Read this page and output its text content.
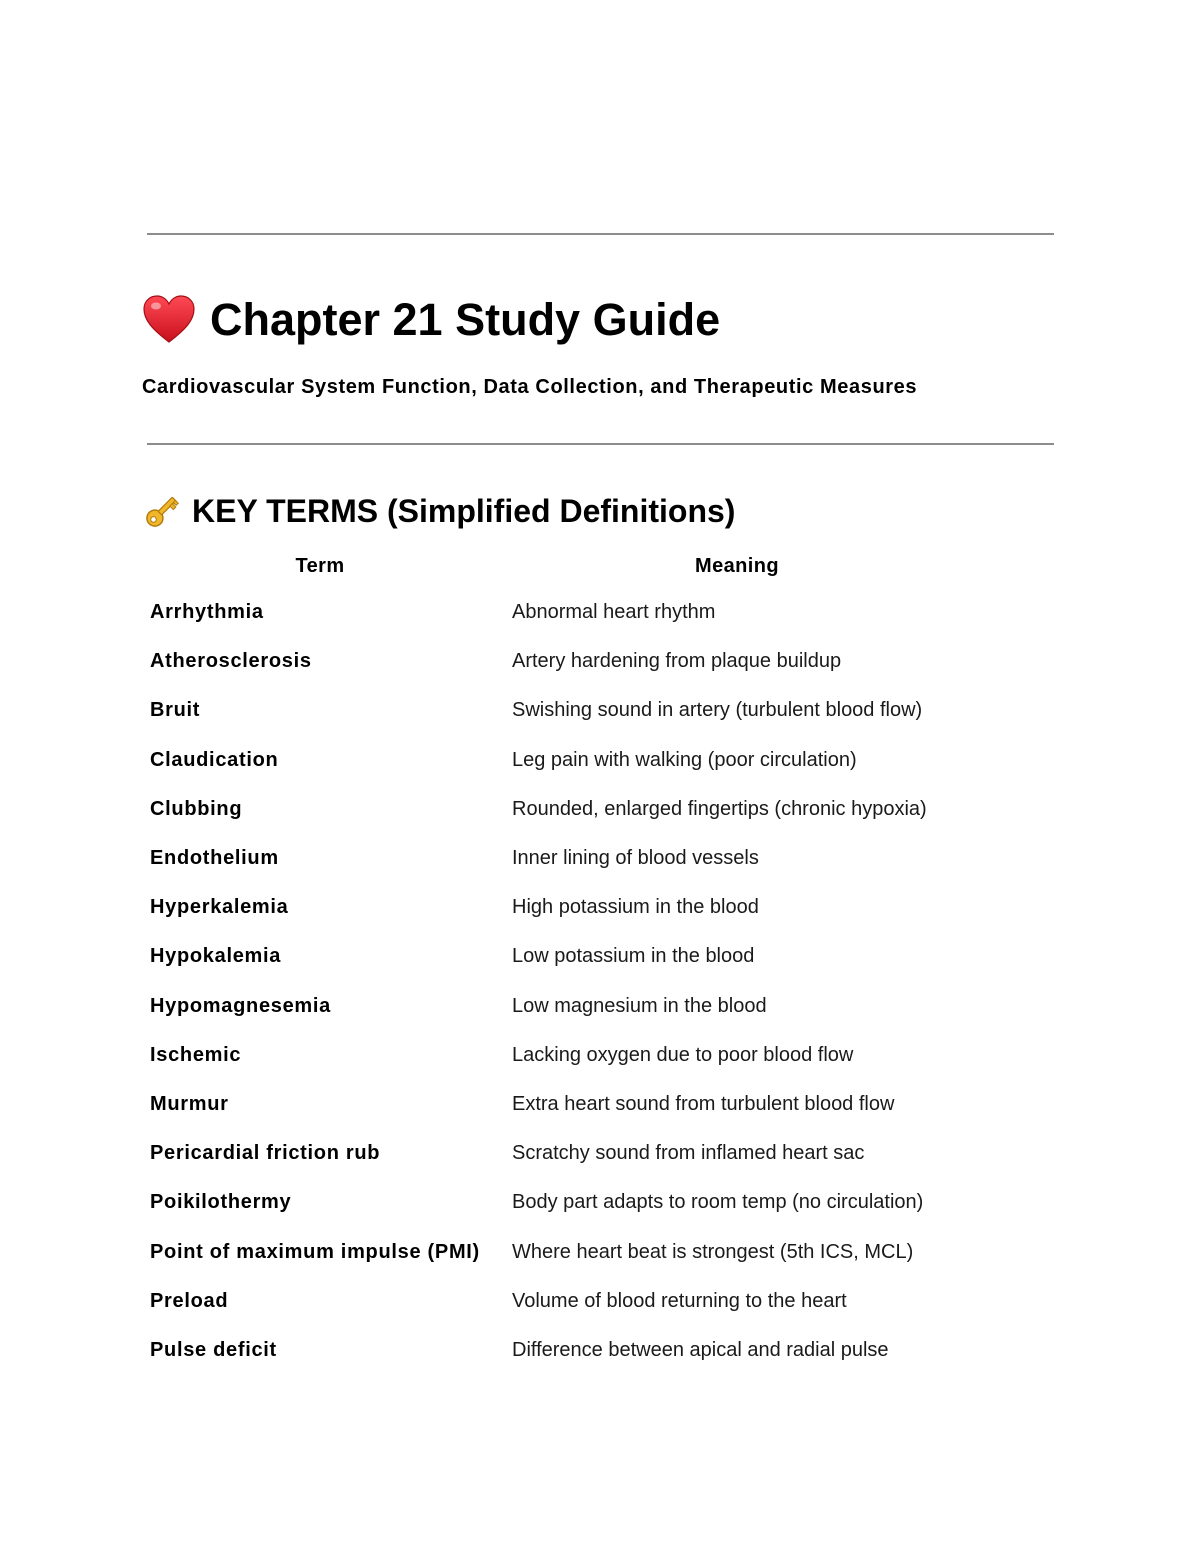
Chapter 21 Study Guide
Cardiovascular System Function, Data Collection, and Therapeutic Measures
KEY TERMS (Simplified Definitions)
Term	Meaning
Arrhythmia	Abnormal heart rhythm
Atherosclerosis	Artery hardening from plaque buildup
Bruit	Swishing sound in artery (turbulent blood flow)
Claudication	Leg pain with walking (poor circulation)
Clubbing	Rounded, enlarged fingertips (chronic hypoxia)
Endothelium	Inner lining of blood vessels
Hyperkalemia	High potassium in the blood
Hypokalemia	Low potassium in the blood
Hypomagnesemia	Low magnesium in the blood
Ischemic	Lacking oxygen due to poor blood flow
Murmur	Extra heart sound from turbulent blood flow
Pericardial friction rub	Scratchy sound from inflamed heart sac
Poikilothermy	Body part adapts to room temp (no circulation)
Point of maximum impulse (PMI)	Where heart beat is strongest (5th ICS, MCL)
Preload	Volume of blood returning to the heart
Pulse deficit	Difference between apical and radial pulse
